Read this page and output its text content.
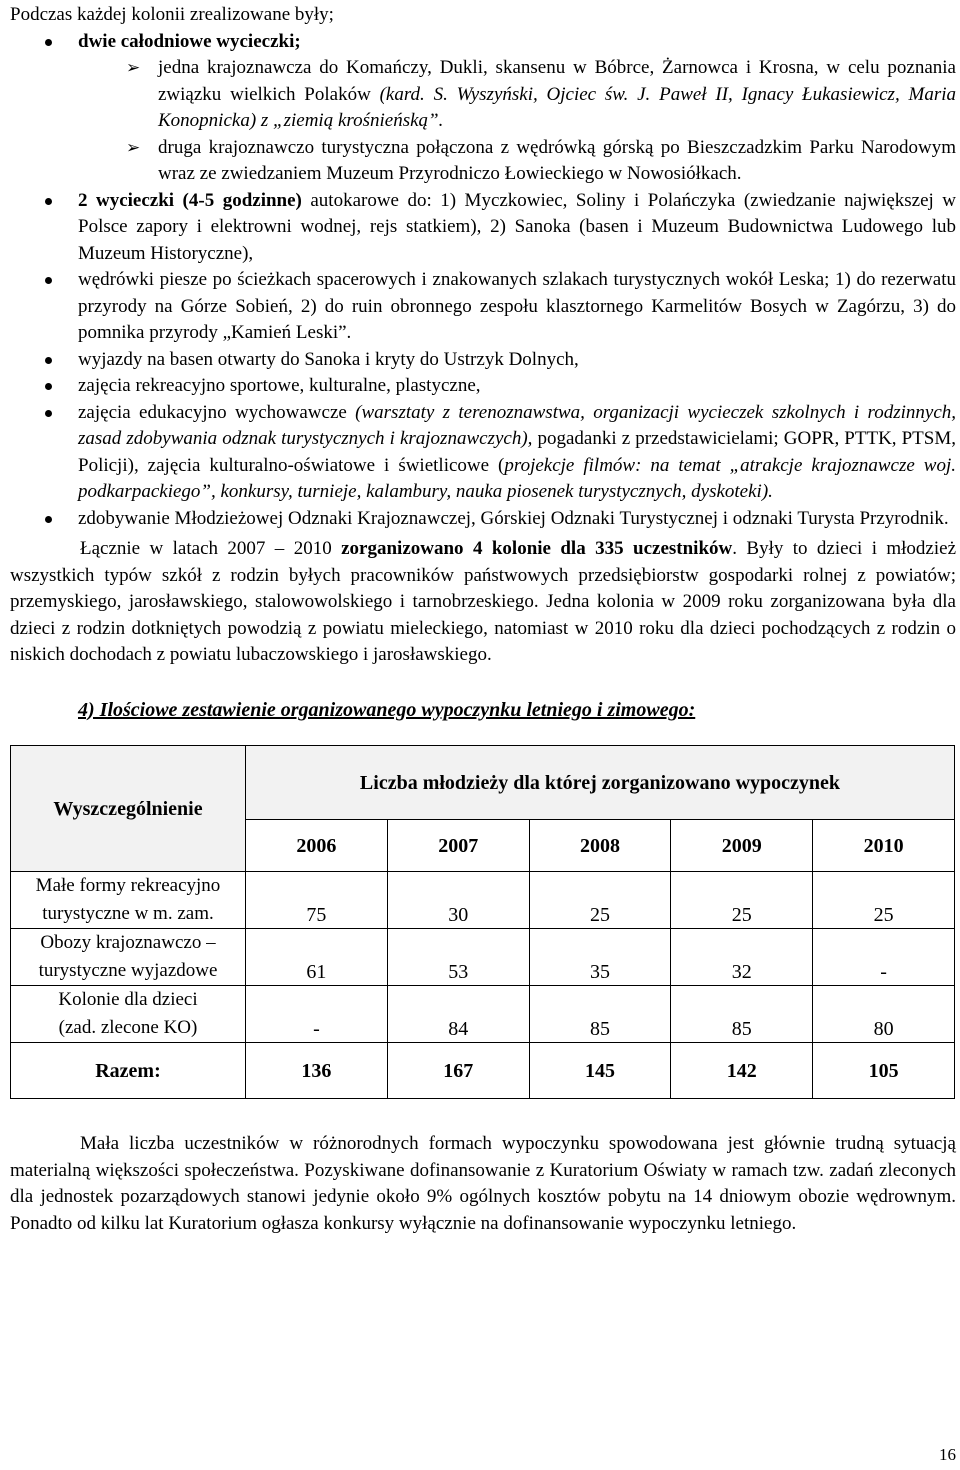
Podczas każdej kolonii zrealizowane były;

dwie całodniowe wycieczki;
➢ jednа krajoznawcza do Komańczy, Dukli, skansenu w Bóbrce, Żarnowca i Krosna, w celu poznania związku wielkich Polaków (kard. S. Wyszyński, Ojciec św. J. Paweł II, Ignacy Łukasiewicz, Maria Konopnicka) z „ziemią krośnieńską”.
➢ druga krajoznawczo turystyczna połączona z wędrówką górską po Bieszczadzkim Parku Narodowym wraz ze zwiedzaniem Muzeum Przyrodniczo Łowieckiego w Nowosiółkach.
2 wycieczki (4-5 godzinne) autokarowe do: 1) Myczkowiec, Soliny i Polańczyka (zwiedzanie największej w Polsce zapory i elektrowni wodnej, rejs statkiem), 2) Sanoka (basen i Muzeum Budownictwa Ludowego lub Muzeum Historyczne),
wędrówki piesze po ścieżkach spacerowych i znakowanych szlakach turystycznych wokół Leska; 1) do rezerwatu przyrody na Górze Sobień, 2) do ruin obronnego zespołu klasztornego Karmelitów Bosych w Zagórzu, 3) do pomnika przyrody „Kamień Leski”.
wyjazdy na basen otwarty do Sanoka i kryty do Ustrzyk Dolnych,
zajęcia rekreacyjno sportowe, kulturalne, plastyczne,
zajęcia edukacyjno wychowawcze (warsztaty z terenoznawstwa, organizacji wycieczek szkolnych i rodzinnych, zasad zdobywania odznak turystycznych i krajoznawczych), pogadanki z przedstawicielami; GOPR, PTTK, PTSM, Policji), zajęcia kulturalno-oświatowe i świetlicowe (projekcje filmów: na temat „atrakcje krajoznawcze woj. podkarpackiego”, konkursy, turnieje, kalambury, nauka piosenek turystycznych, dyskoteki).
zdobywanie Młodzieżowej Odznaki Krajoznawczej, Górskiej Odznaki Turystycznej i odznaki Turysta Przyrodnik.

Łącznie w latach 2007 – 2010 zorganizowano 4 kolonie dla 335 uczestników. Były to dzieci i młodzież wszystkich typów szkół z rodzin byłych pracowników państwowych przedsiębiorstw gospodarki rolnej z powiatów; przemyskiego, jarosławskiego, stalowowolskiego i tarnobrzeskiego. Jedna kolonia w 2009 roku zorganizowana była dla dzieci z rodzin dotkniętych powodzią z powiatu mieleckiego, natomiast w 2010 roku dla dzieci pochodzących z rodzin o niskich dochodach z powiatu lubaczowskiego i jarosławskiego.

4) Ilościowe zestawienie organizowanego wypoczynku letniego i zimowego:

Wyszczególnienie	Liczba młodzieży dla której zorganizowano wypoczynek				
	2006	2007	2008	2009	2010

Małe formy rekreacyjno
turystyczne w m. zam.	75	30	25	25	25

Obozy krajoznawczo –
turystyczne wyjazdowe	61	53	35	32	-

Kolonie dla dzieci
(zad. zlecone KO)	-	84	85	85	80
Razem:	136	167	145	142	105

Mała liczba uczestników w różnorodnych formach wypoczynku spowodowana jest głównie trudną sytuacją materialną większości społeczeństwa. Pozyskiwane dofinansowanie z Kuratorium Oświaty w ramach tzw. zadań zleconych dla jednostek pozarządowych stanowi jedynie około 9% ogólnych kosztów pobytu na 14 dniowym obozie wędrownym. Ponadto od kilku lat Kuratorium ogłasza konkursy wyłącznie na dofinansowanie wypoczynku letniego.

16
